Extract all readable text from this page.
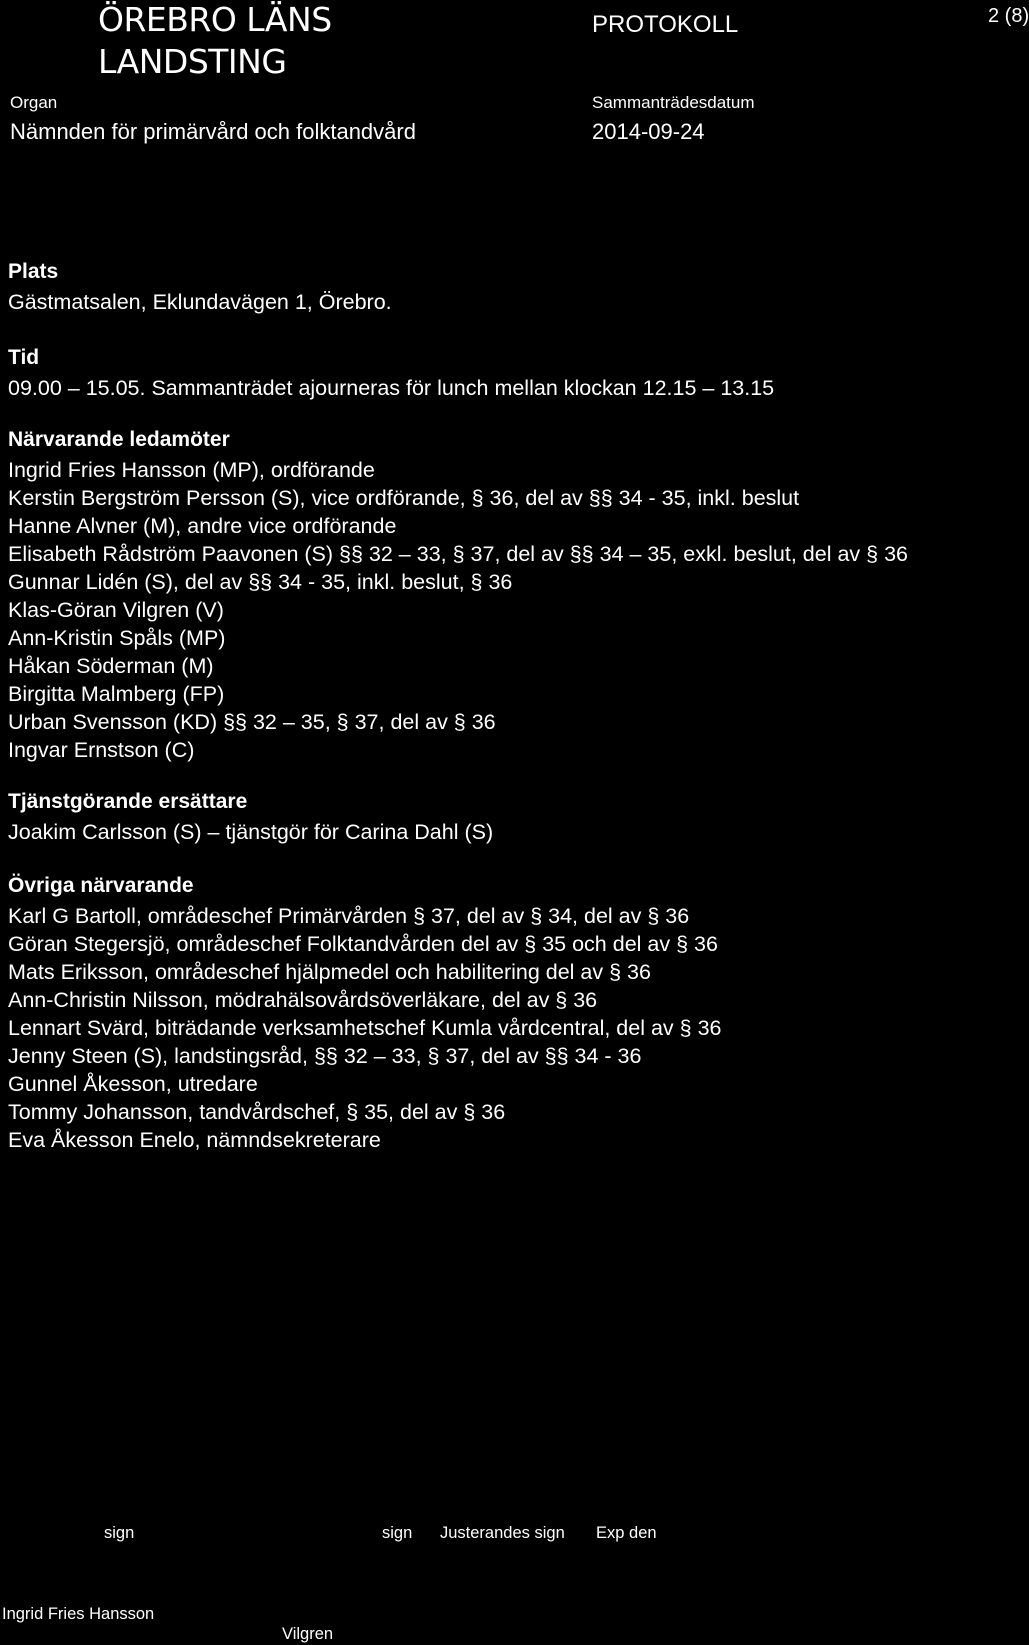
ÖREBRO LÄNS
LANDSTING
PROTOKOLL	2 (8)
Organ
Nämnden för primärvård och folktandvård
Sammanträdesdatum
2014-09-24
Plats
Gästmatsalen, Eklundavägen 1, Örebro.
Tid
09.00 – 15.05. Sammanträdet ajourneras för lunch mellan klockan 12.15 – 13.15
Närvarande ledamöter
Ingrid Fries Hansson (MP), ordförande
Kerstin Bergström Persson (S), vice ordförande, § 36, del av §§ 34 - 35, inkl. beslut
Hanne Alvner (M), andre vice ordförande
Elisabeth Rådström Paavonen (S) §§ 32 – 33, § 37, del av §§ 34 – 35, exkl. beslut, del av § 36
Gunnar Lidén (S), del av §§ 34 - 35, inkl. beslut, § 36
Klas-Göran Vilgren (V)
Ann-Kristin Spåls (MP)
Håkan Söderman (M)
Birgitta Malmberg (FP)
Urban Svensson (KD) §§ 32 – 35, § 37, del av § 36
Ingvar Ernstson (C)
Tjänstgörande ersättare
Joakim Carlsson (S) – tjänstgör för Carina Dahl (S)
Övriga närvarande
Karl G Bartoll, områdeschef Primärvården § 37, del av § 34, del av § 36
Göran Stegersjö, områdeschef Folktandvården del av § 35 och del av § 36
Mats Eriksson, områdeschef hjälpmedel och habilitering del av § 36
Ann-Christin Nilsson, mödrahälsovårdsöverläkare, del av § 36
Lennart Svärd, biträdande verksamhetschef Kumla vårdcentral, del av § 36
Jenny Steen (S), landstingsråd, §§ 32 – 33, § 37, del av §§ 34 - 36
Gunnel Åkesson, utredare
Tommy Johansson, tandvårdschef, § 35, del av § 36
Eva Åkesson Enelo, nämndsekreterare
sign	sign Justerandes sign Exp den
Ingrid Fries Hansson
Vilgren
